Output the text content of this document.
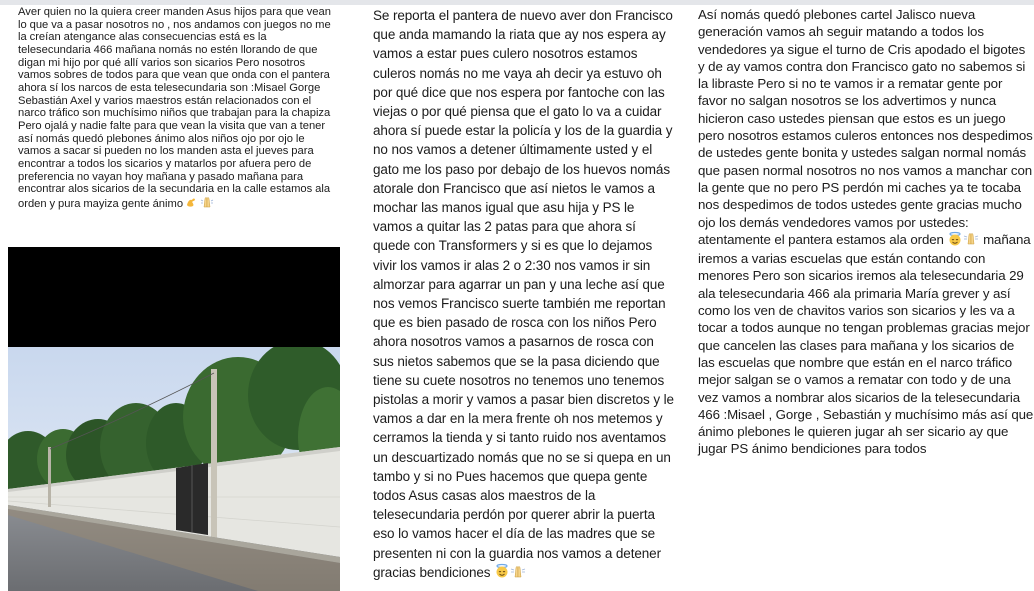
Aver quien no la quiera creer manden Asus hijos para que vean lo que va a pasar nosotros no , nos andamos con juegos no me la creían atengance alas consecuencias está es la telesecundaria 466 mañana nomás no estén llorando de que digan mi hijo por qué allí varios son sicarios Pero nosotros vamos sobres de todos para que vean que onda con el pantera ahora sí los narcos de esta telesecundaria son :Misael Gorge Sebastián Axel y varios maestros están relacionados con el narco tráfico son muchísimo niños que trabajan para la chapiza Pero ojalá y nadie falte para que vean la visita que van a tener así nomás quedó plebones ánimo alos niños ojo por ojo le vamos a sacar si pueden no los manden asta el jueves para encontrar a todos los sicarios y matarlos por afuera pero de preferencia no vayan hoy mañana y pasado mañana para encontrar alos sicarios de la secundaria en la calle estamos ala orden y pura mayiza gente ánimo
Se reporta el pantera de nuevo aver don Francisco que anda mamando la riata que ay nos espera ay vamos a estar pues culero nosotros estamos culeros nomás no me vaya ah decir ya estuvo oh por qué dice que nos espera por fantoche con las viejas o por qué piensa que el gato lo va a cuidar ahora sí puede estar la policía y los de la guardia y no nos vamos a detener últimamente usted y el gato me los paso por debajo de los huevos nomás atorale don Francisco que así nietos le vamos a mochar las manos igual que asu hija y PS le vamos a quitar las 2 patas para que ahora sí quede con Transformers y si es que lo dejamos vivir los vamos ir alas 2 o 2:30 nos vamos ir sin almorzar para agarrar un pan y una leche así que nos vemos Francisco suerte también me reportan que es bien pasado de rosca con los niños Pero ahora nosotros vamos a pasarnos de rosca con sus nietos sabemos que se la pasa diciendo que tiene su cuete nosotros no tenemos uno tenemos pistolas a morir y vamos a pasar bien discretos y le vamos a dar en la mera frente oh nos metemos y cerramos la tienda y si tanto ruido nos aventamos un descuartizado nomás que no se si quepa en un tambo y si no Pues hacemos que quepa gente todos Asus casas alos maestros de la telesecundaria perdón por querer abrir la puerta eso lo vamos hacer el día de las madres que se presenten ni con la guardia nos vamos a detener gracias bendiciones
Así nomás quedó plebones cartel Jalisco nueva generación vamos ah seguir matando a todos los vendedores ya sigue el turno de Cris apodado el bigotes y de ay vamos contra don Francisco gato no sabemos si la libraste Pero si no te vamos ir a rematar gente por favor no salgan nosotros se los advertimos y nunca hicieron caso ustedes piensan que estos es un juego pero nosotros estamos culeros entonces nos despedimos de ustedes gente bonita y ustedes salgan normal nomás que pasen normal nosotros no nos vamos a manchar con la gente que no pero PS perdón mi caches ya te tocaba nos despedimos de todos ustedes gente gracias mucho ojo los demás vendedores vamos por ustedes: atentamente el pantera estamos ala orden	mañana iremos a varias escuelas que están contando con menores Pero son sicarios iremos ala telesecundaria 29 ala telesecundaria 466 ala primaria María grever y así como los ven de chavitos varios son sicarios y les va a tocar a todos aunque no tengan problemas gracias mejor que cancelen las clases para mañana y los sicarios de las escuelas que nombre que están en el narco tráfico mejor salgan se o vamos a rematar con todo y de una vez vamos a nombrar alos sicarios de la telesecundaria 466 :Misael , Gorge , Sebastián y muchísimo más así que ánimo plebones le quieren jugar ah ser sicario ay que jugar PS ánimo bendiciones para todos
